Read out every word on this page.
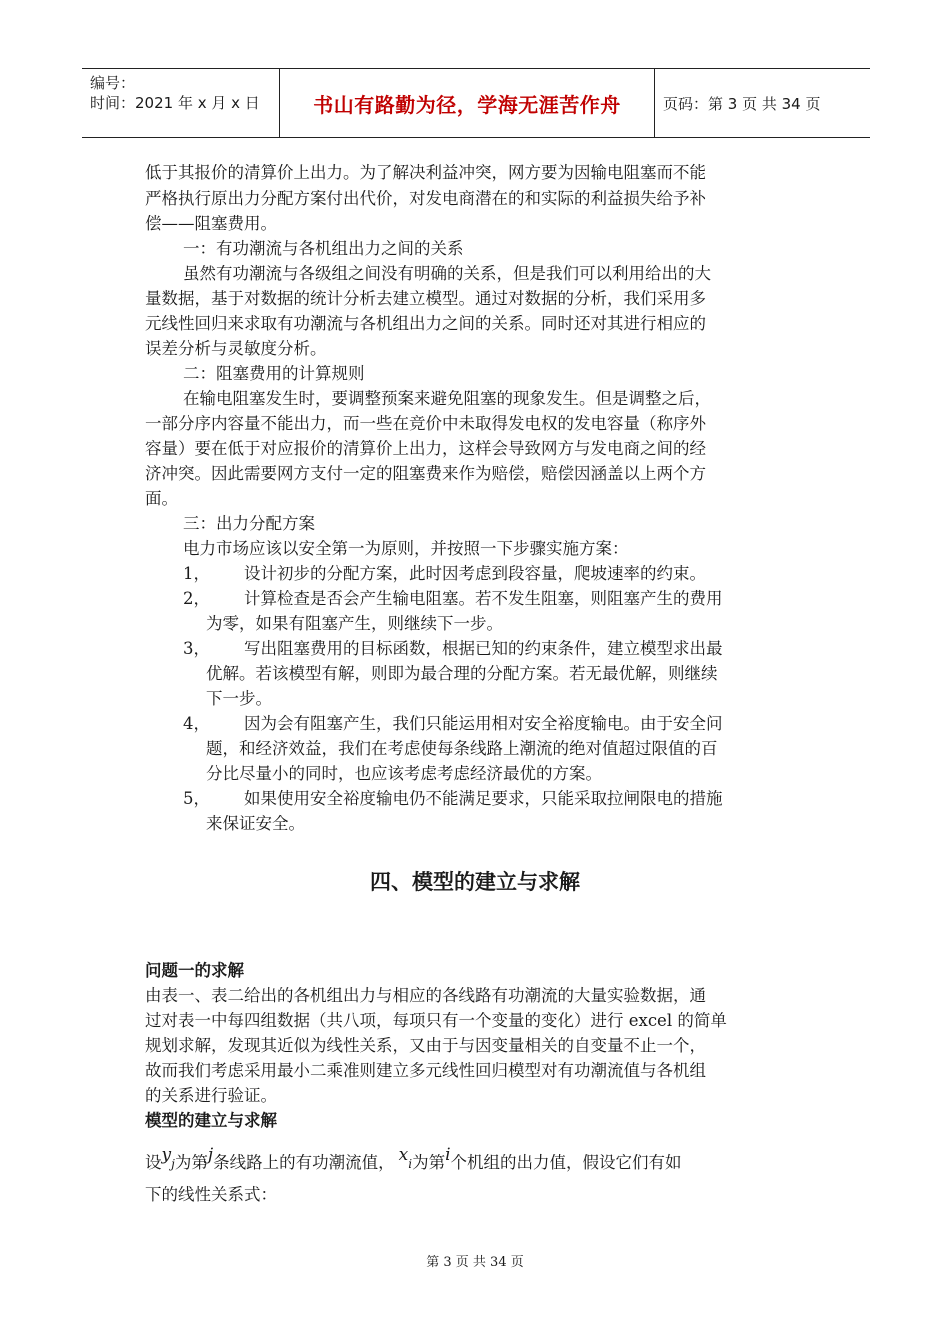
编号：
时间：2021 年 x 月 x 日	书山有路勤为径，学海无涯苦作舟	页码：第 3 页 共 34 页
低于其报价的清算价上出力。为了解决利益冲突，网方要为因输电阻塞而不能
严格执行原出力分配方案付出代价，对发电商潜在的和实际的利益损失给予补
偿——阻塞费用。
一：有功潮流与各机组出力之间的关系
虽然有功潮流与各级组之间没有明确的关系，但是我们可以利用给出的大
量数据，基于对数据的统计分析去建立模型。通过对数据的分析，我们采用多
元线性回归来求取有功潮流与各机组出力之间的关系。同时还对其进行相应的
误差分析与灵敏度分析。
二：阻塞费用的计算规则
在输电阻塞发生时，要调整预案来避免阻塞的现象发生。但是调整之后，
一部分序内容量不能出力，而一些在竞价中未取得发电权的发电容量（称序外
容量）要在低于对应报价的清算价上出力，这样会导致网方与发电商之间的经
济冲突。因此需要网方支付一定的阻塞费来作为赔偿，赔偿因涵盖以上两个方
面。
三：出力分配方案
电力市场应该以安全第一为原则，并按照一下步骤实施方案：
1， 设计初步的分配方案，此时因考虑到段容量，爬坡速率的约束。
2， 计算检查是否会产生输电阻塞。若不发生阻塞，则阻塞产生的费用
为零，如果有阻塞产生，则继续下一步。
3， 写出阻塞费用的目标函数，根据已知的约束条件，建立模型求出最
优解。若该模型有解，则即为最合理的分配方案。若无最优解，则继续
下一步。
4， 因为会有阻塞产生，我们只能运用相对安全裕度输电。由于安全问
题，和经济效益，我们在考虑使每条线路上潮流的绝对值超过限值的百
分比尽量小的同时，也应该考虑考虑经济最优的方案。
5， 如果使用安全裕度输电仍不能满足要求，只能采取拉闸限电的措施
来保证安全。
四、模型的建立与求解
问题一的求解
由表一、表二给出的各机组出力与相应的各线路有功潮流的大量实验数据，通
过对表一中每四组数据（共八项，每项只有一个变量的变化）进行 excel 的简单
规划求解，发现其近似为线性关系，又由于与因变量相关的自变量不止一个，
故而我们考虑采用最小二乘准则建立多元线性回归模型对有功潮流值与各机组
的关系进行验证。
模型的建立与求解
设yj为第j条线路上的有功潮流值， xi为第i个机组的出力值，假设它们有如
下的线性关系式：
第 3 页 共 34 页
